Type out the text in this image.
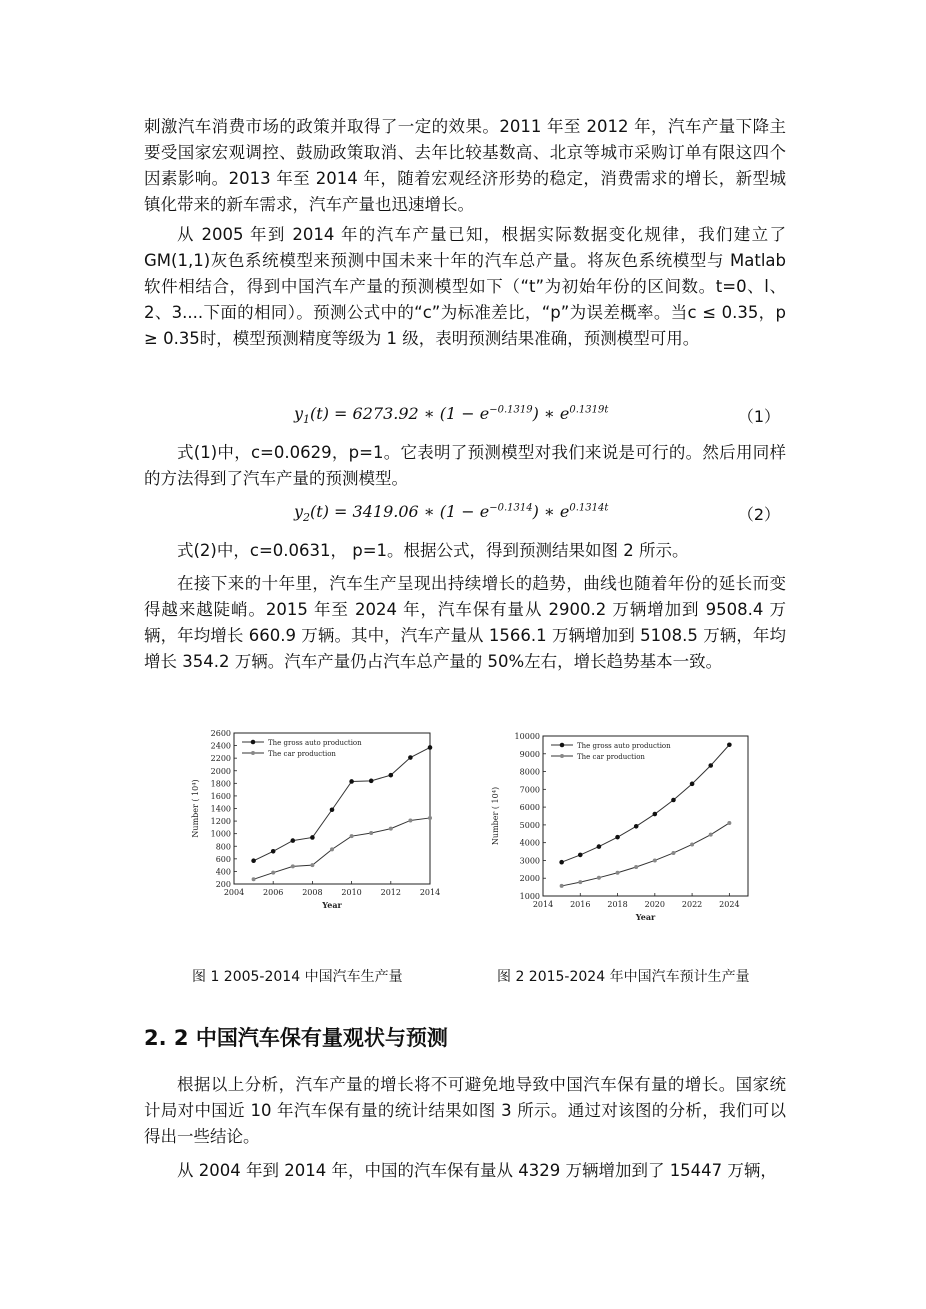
刺激汽车消费市场的政策并取得了一定的效果。2011 年至 2012 年，汽车产量下降主要受国家宏观调控、鼓励政策取消、去年比较基数高、北京等城市采购订单有限这四个因素影响。2013 年至 2014 年，随着宏观经济形势的稳定，消费需求的增长，新型城镇化带来的新车需求，汽车产量也迅速增长。

从 2005 年到 2014 年的汽车产量已知，根据实际数据变化规律，我们建立了GM(1,1)灰色系统模型来预测中国未来十年的汽车总产量。将灰色系统模型与 Matlab 软件相结合，得到中国汽车产量的预测模型如下（“t”为初始年份的区间数。t=0、l、2、3....下面的相同）。预测公式中的“c”为标准差比，“p”为误差概率。当c ≤ 0.35，p ≥ 0.35时，模型预测精度等级为 1 级，表明预测结果准确，预测模型可用。

$y_1(t) = 6273.92$ ∗ $(1 - e^{-0.1319})$ ∗ $e^{0.1319t}$	（1）

式(1)中，c=0.0629，p=1。它表明了预测模型对我们来说是可行的。然后用同样的方法得到了汽车产量的预测模型。

$y_2(t) = 3419.06$ ∗ $(1 - e^{-0.1314})$ ∗ $e^{0.1314t}$	（2）

式(2)中，c=0.0631， p=1。根据公式，得到预测结果如图 2 所示。

在接下来的十年里，汽车生产呈现出持续增长的趋势，曲线也随着年份的延长而变得越来越陡峭。2015 年至 2024 年，汽车保有量从 2900.2 万辆增加到 9508.4 万辆，年均增长 660.9 万辆。其中，汽车产量从 1566.1 万辆增加到 5108.5 万辆，年均增长 354.2 万辆。汽车产量仍占汽车总产量的 50%左右，增长趋势基本一致。

200
400
600
800
1000
1200
1400
1600
1800
2000
2200
2400
2600
2004 2006 2008 2010 2012 2014
Year
Number ( 10⁴)
The gross auto production
The car production
1000
2000
3000
4000
5000
6000
7000
8000
9000
10000
2014 2016 2018 2020 2022 2024
Year
Number ( 10⁴)
The gross auto production
The car production
图 1 2005-2014 中国汽车生产量	图 2 2015-2024 年中国汽车预计生产量
2. 2 中国汽车保有量观状与预测

根据以上分析，汽车产量的增长将不可避免地导致中国汽车保有量的增长。国家统计局对中国近 10 年汽车保有量的统计结果如图 3 所示。通过对该图的分析，我们可以得出一些结论。

从 2004 年到 2014 年，中国的汽车保有量从 4329 万辆增加到了 15447 万辆，
